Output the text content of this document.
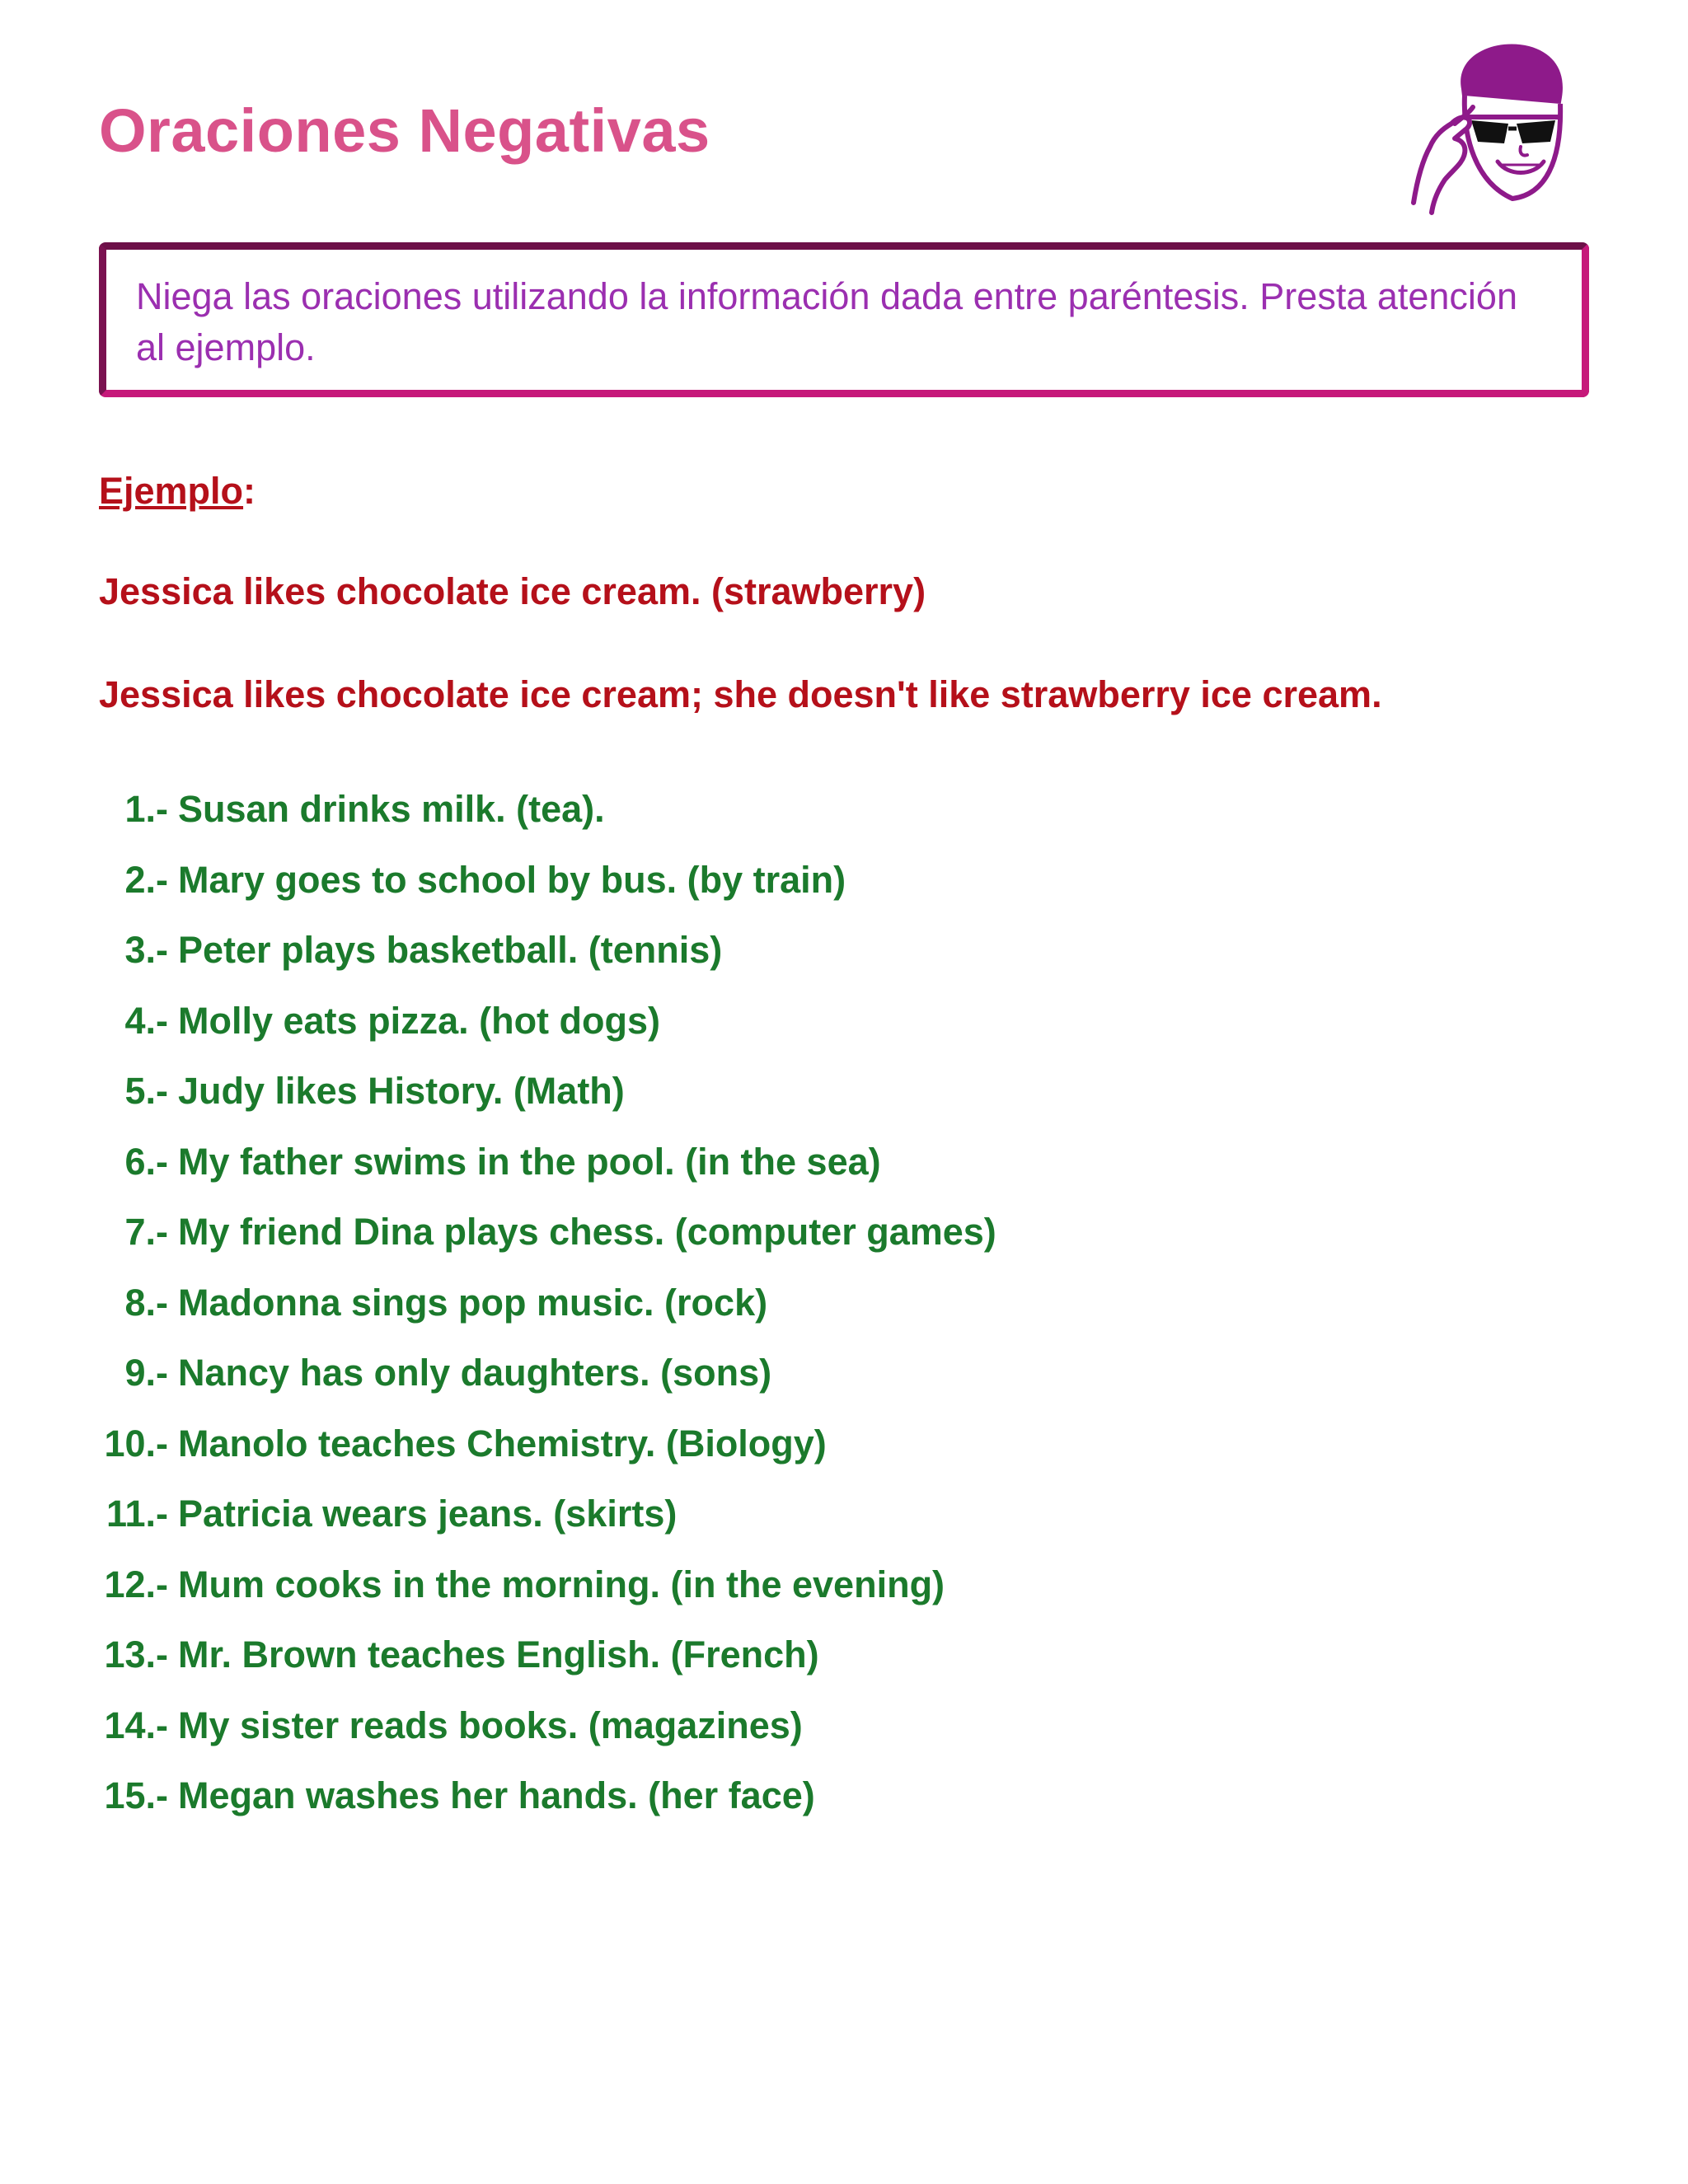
Oraciones Negativas

Niega las oraciones utilizando la información dada entre paréntesis. Presta atención al ejemplo.

Ejemplo:
Jessica likes chocolate ice cream. (strawberry)
Jessica likes chocolate ice cream; she doesn't like strawberry ice cream.
1.- Susan drinks milk. (tea).
2.- Mary goes to school by bus. (by train)
3.- Peter plays basketball. (tennis)
4.- Molly eats pizza. (hot dogs)
5.- Judy likes History. (Math)
6.- My father swims in the pool. (in the sea)
7.- My friend Dina plays chess. (computer games)
8.- Madonna sings pop music. (rock)
9.- Nancy has only daughters. (sons)
10.- Manolo teaches Chemistry. (Biology)
11.- Patricia wears jeans. (skirts)
12.- Mum cooks in the morning. (in the evening)
13.- Mr. Brown teaches English. (French)
14.- My sister reads books. (magazines)
15.- Megan washes her hands. (her face)
